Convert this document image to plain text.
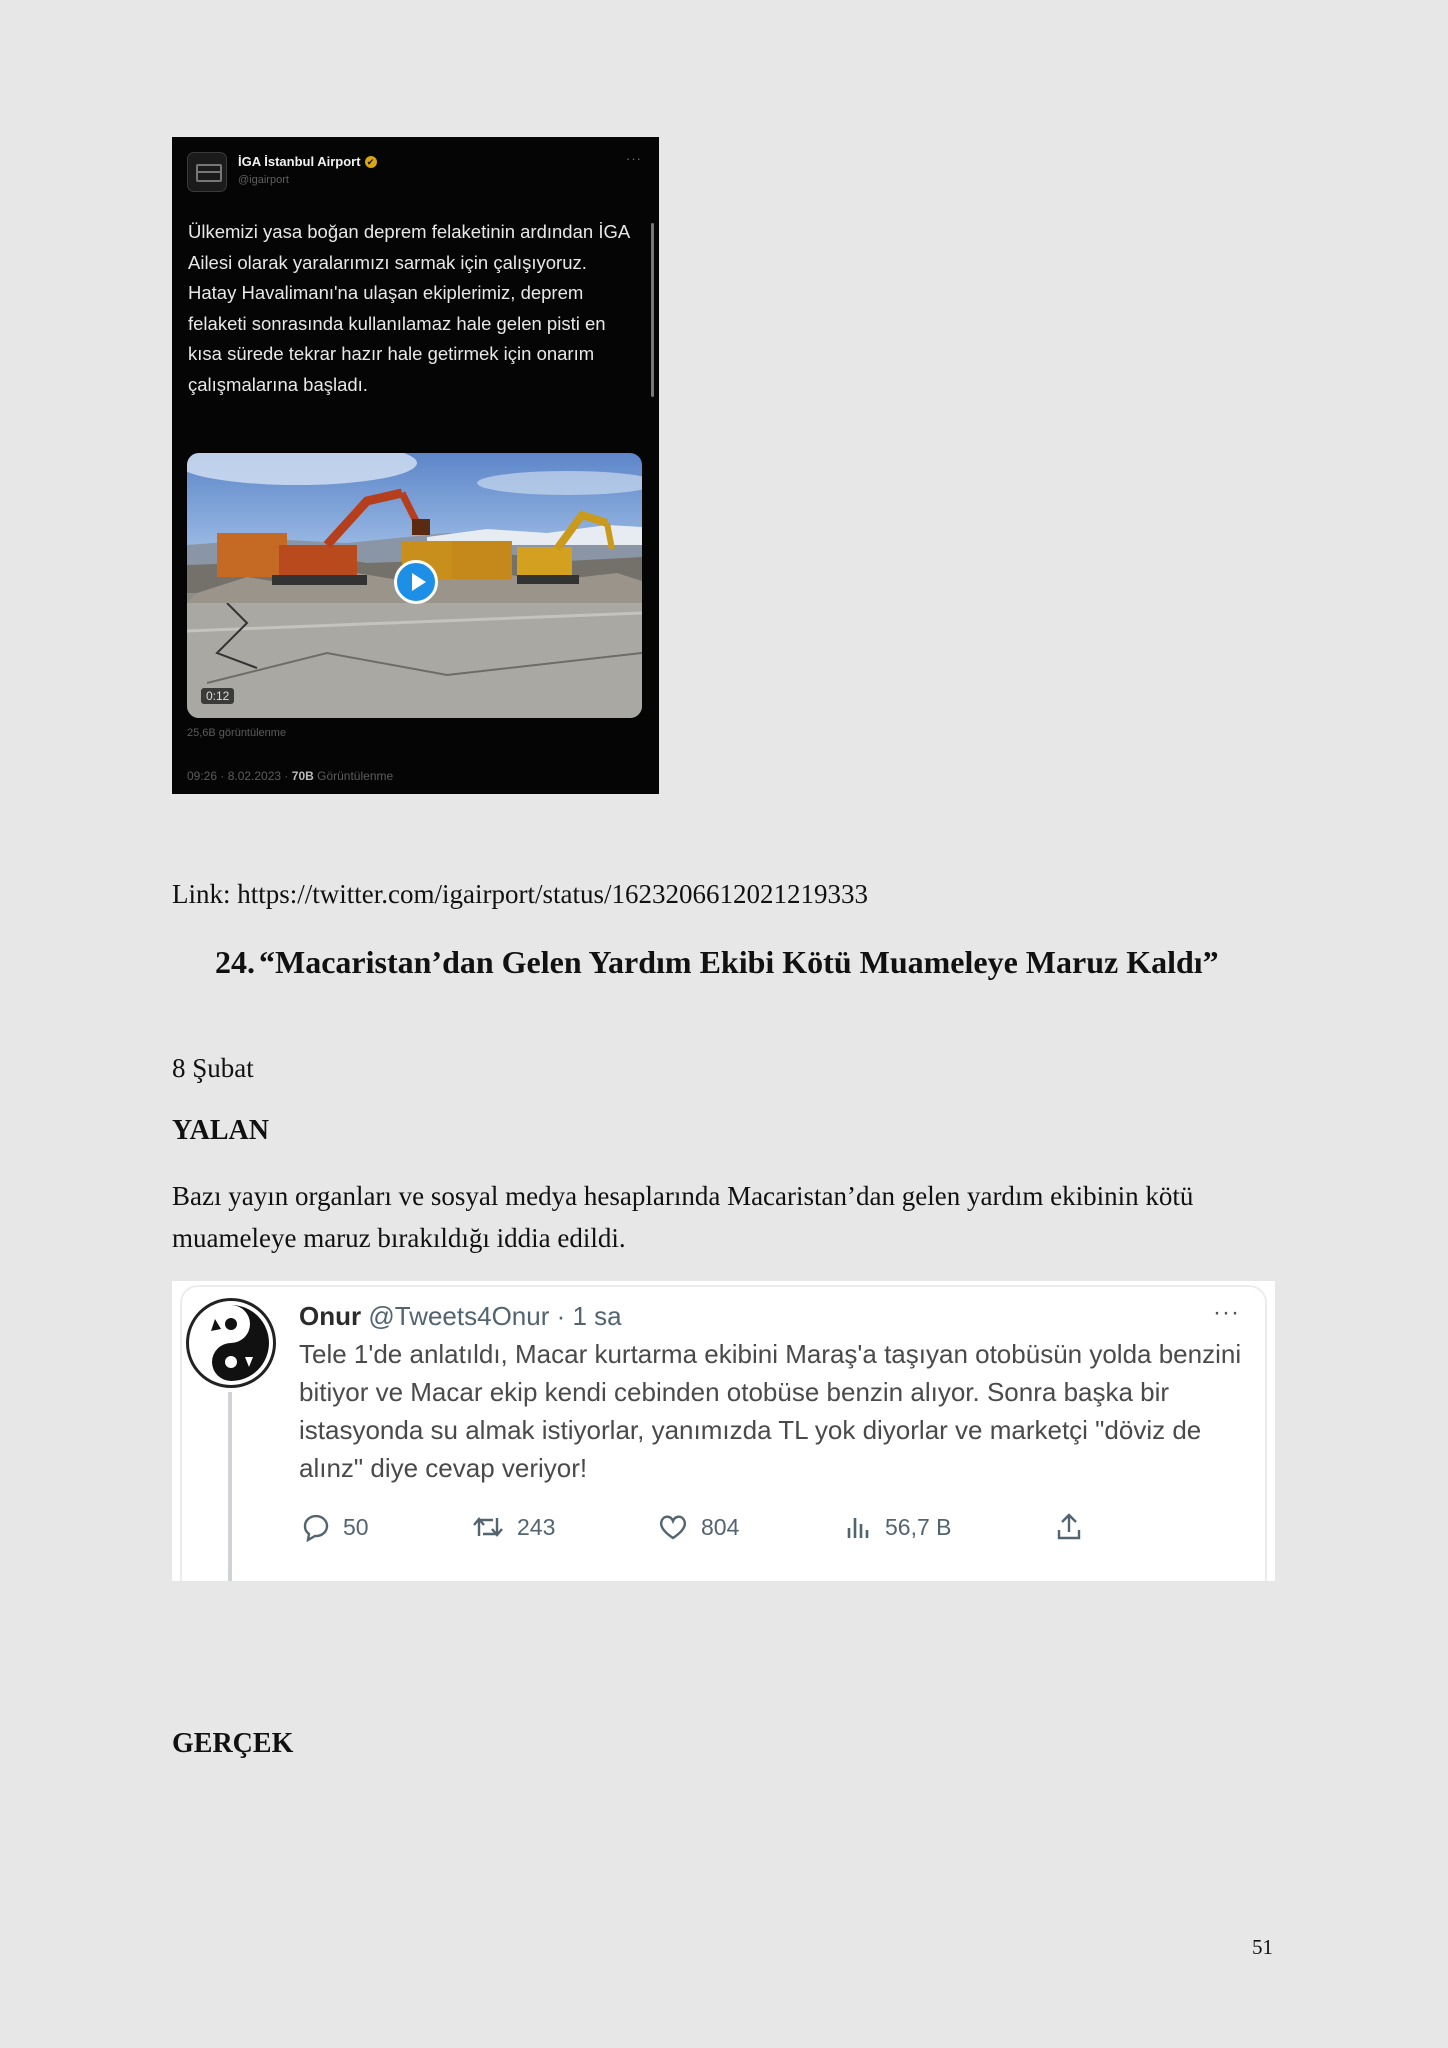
İGA İstanbul Airport ✔
@igairport
···
Ülkemizi yasa boğan deprem felaketinin ardından İGA Ailesi olarak yaralarımızı sarmak için çalışıyoruz. Hatay Havalimanı'na ulaşan ekiplerimiz, deprem felaketi sonrasında kullanılamaz hale gelen pisti en kısa sürede tekrar hazır hale getirmek için onarım çalışmalarına başladı.
0:12
25,6B görüntülenme
09:26 · 8.02.2023 · 70B Görüntülenme
Link: https://twitter.com/igairport/status/1623206612021219333
24. “Macaristan’dan Gelen Yardım Ekibi Kötü Muameleye Maruz Kaldı”
8 Şubat
YALAN
Bazı yayın organları ve sosyal medya hesaplarında Macaristan’dan gelen yardım ekibinin kötü muameleye maruz bırakıldığı iddia edildi.
Onur @Tweets4Onur · 1 sa	···
Tele 1'de anlatıldı, Macar kurtarma ekibini Maraş'a taşıyan otobüsün yolda benzini bitiyor ve Macar ekip kendi cebinden otobüse benzin alıyor. Sonra başka bir istasyonda su almak istiyorlar, yanımızda TL yok diyorlar ve marketçi "döviz de alınz" diye cevap veriyor!
50	243	804	56,7 B
GERÇEK
51
